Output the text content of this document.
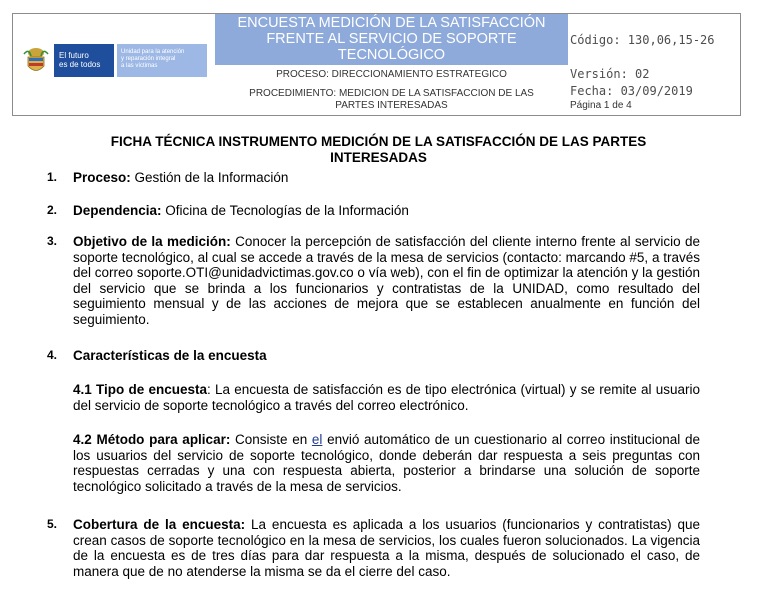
El futuro
es de todos
Unidad para la atención
y reparación integral
a las víctimas
ENCUESTA MEDICIÓN DE LA SATISFACCIÓN
FRENTE AL SERVICIO DE SOPORTE
TECNOLÓGICO
Código: 130,06,15-26
PROCESO: DIRECCIONAMIENTO ESTRATEGICO	Versión: 02
PROCEDIMIENTO: MEDICION DE LA SATISFACCION DE LAS
PARTES INTERESADAS
Fecha: 03/09/2019
Página 1 de 4
FICHA TÉCNICA INSTRUMENTO MEDICIÓN DE LA SATISFACCIÓN DE LAS PARTES
INTERESADAS
1.	Proceso: Gestión de la Información
2.	Dependencia: Oficina de Tecnologías de la Información
3.	Objetivo de la medición: Conocer la percepción de satisfacción del cliente interno frente al servicio de soporte tecnológico, al cual se accede a través de la mesa de servicios (contacto: marcando #5, a través del correo soporte.OTI@unidadvictimas.gov.co o vía web), con el fin de optimizar la atención y la gestión del servicio que se brinda a los funcionarios y contratistas de la UNIDAD, como resultado del seguimiento mensual y de las acciones de mejora que se establecen anualmente en función del seguimiento.
4.	Características de la encuesta
4.1 Tipo de encuesta: La encuesta de satisfacción es de tipo electrónica (virtual) y se remite al usuario del servicio de soporte tecnológico a través del correo electrónico.
4.2 Método para aplicar: Consiste en el envió automático de un cuestionario al correo institucional de los usuarios del servicio de soporte tecnológico, donde deberán dar respuesta a seis preguntas con respuestas cerradas y una con respuesta abierta, posterior a brindarse una solución de soporte tecnológico solicitado a través de la mesa de servicios.
5.	Cobertura de la encuesta: La encuesta es aplicada a los usuarios (funcionarios y contratistas) que crean casos de soporte tecnológico en la mesa de servicios, los cuales fueron solucionados. La vigencia de la encuesta es de tres días para dar respuesta a la misma, después de solucionado el caso, de manera que de no atenderse la misma se da el cierre del caso.
